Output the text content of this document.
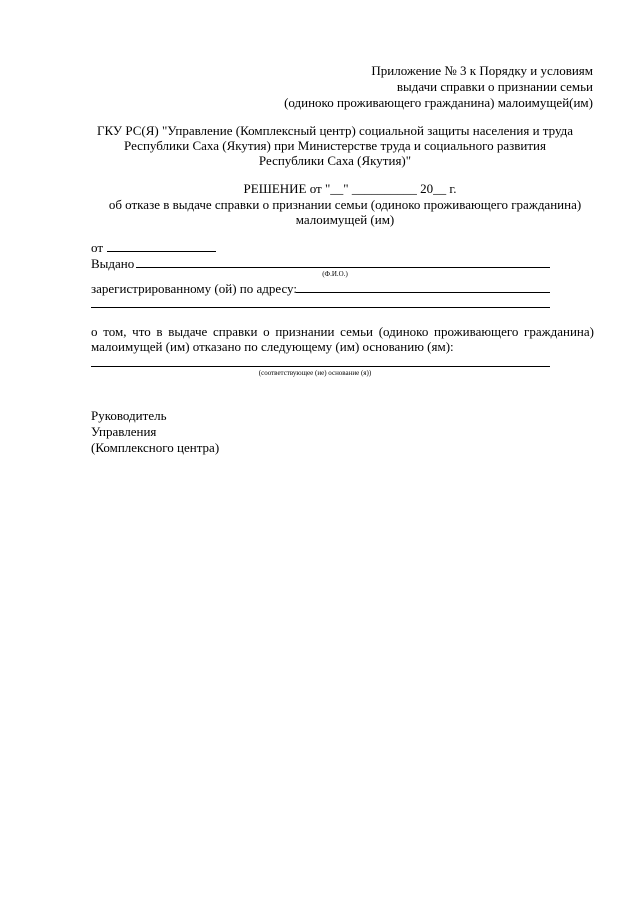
Приложение № 3 к Порядку и условиям
выдачи справки о признании семьи
(одиноко проживающего гражданина) малоимущей(им)
ГКУ РС(Я) "Управление (Комплексный центр) социальной защиты населения и труда
Республики Саха (Якутия) при Министерстве труда и социального развития
Республики Саха (Якутия)"
РЕШЕНИЕ от "__" __________ 20__ г.
об отказе в выдаче справки о признании семьи (одиноко проживающего гражданина)
малоимущей (им)
от
Выдано
(Ф.И.О.)
зарегистрированному (ой) по адресу:
о том, что в выдаче справки о признании семьи (одиноко проживающего гражданина)
малоимущей (им) отказано по следующему (им) основанию (ям):
(соответствующее (ие) основание (я))
Руководитель
Управления
(Комплексного центра)
